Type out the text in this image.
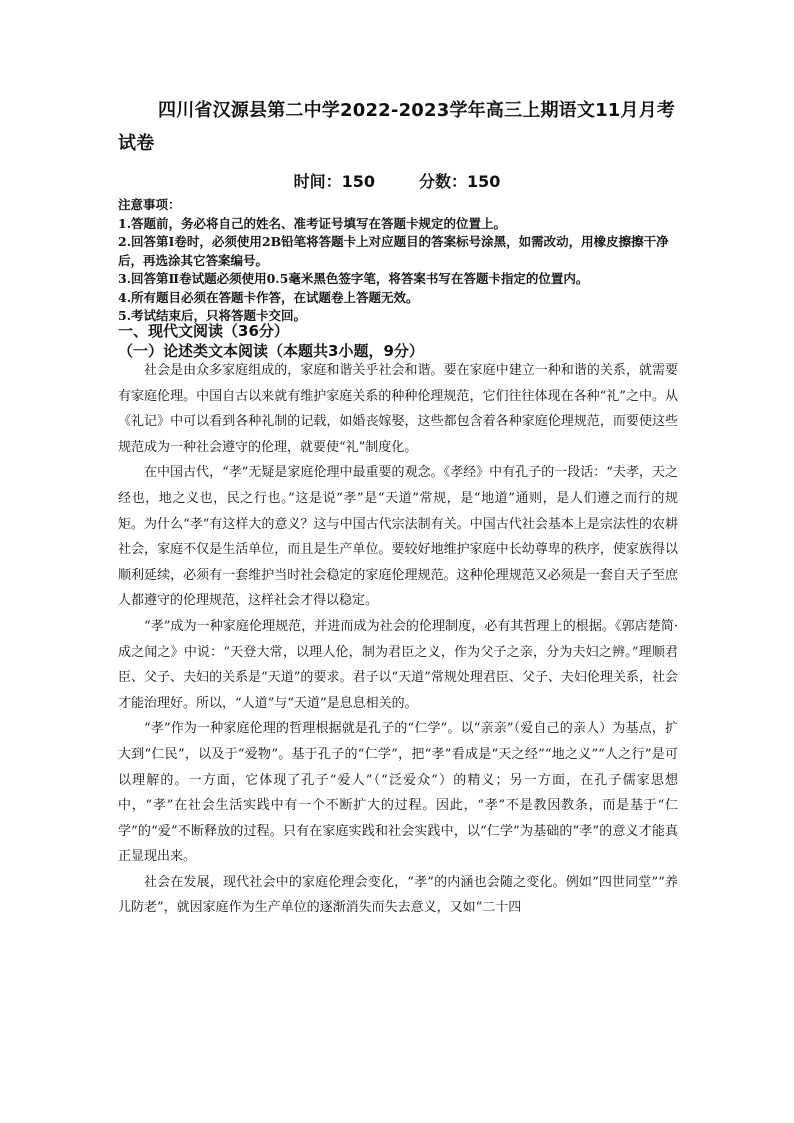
四川省汉源县第二中学2022-2023学年高三上期语文11月月考试卷
时间：150	分数：150
注意事项：
1.答题前，务必将自己的姓名、准考证号填写在答题卡规定的位置上。
2.回答第Ⅰ卷时，必须使用2B铅笔将答题卡上对应题目的答案标号涂黑，如需改动，用橡皮擦擦干净后，再选涂其它答案编号。
3.回答第Ⅱ卷试题必须使用0.5毫米黑色签字笔，将答案书写在答题卡指定的位置内。
4.所有题目必须在答题卡作答，在试题卷上答题无效。
5.考试结束后，只将答题卡交回。
一、现代文阅读（36分）
（一）论述类文本阅读（本题共3小题，9分）

社会是由众多家庭组成的，家庭和谐关乎社会和谐。要在家庭中建立一种和谐的关系，就需要有家庭伦理。中国自古以来就有维护家庭关系的种种伦理规范，它们往往体现在各种“礼”之中。从《礼记》中可以看到各种礼制的记载，如婚丧嫁娶，这些都包含着各种家庭伦理规范，而要使这些规范成为一种社会遵守的伦理，就要使“礼”制度化。

在中国古代，“孝”无疑是家庭伦理中最重要的观念。《孝经》中有孔子的一段话：“夫孝，天之经也，地之义也，民之行也。”这是说“孝”是“天道”常规，是“地道”通则，是人们遵之而行的规矩。为什么“孝”有这样大的意义？这与中国古代宗法制有关。中国古代社会基本上是宗法性的农耕社会，家庭不仅是生活单位，而且是生产单位。要较好地维护家庭中长幼尊卑的秩序，使家族得以顺利延续，必须有一套维护当时社会稳定的家庭伦理规范。这种伦理规范又必须是一套自天子至庶人都遵守的伦理规范，这样社会才得以稳定。

“孝”成为一种家庭伦理规范，并进而成为社会的伦理制度，必有其哲理上的根据。《郭店楚简·成之闻之》中说：“天登大常，以理人伦，制为君臣之义，作为父子之亲，分为夫妇之辨。”理顺君臣、父子、夫妇的关系是“天道”的要求。君子以“天道”常规处理君臣、父子、夫妇伦理关系，社会才能治理好。所以，“人道”与“天道”是息息相关的。

“孝”作为一种家庭伦理的哲理根据就是孔子的“仁学”。以“亲亲”（爱自己的亲人）为基点，扩大到“仁民”，以及于“爱物”。基于孔子的“仁学”，把“孝”看成是“天之经”“地之义”“人之行”是可以理解的。一方面，它体现了孔子“爱人”（“泛爱众”）的精义；另一方面，在孔子儒家思想中，“孝”在社会生活实践中有一个不断扩大的过程。因此，“孝”不是教因教条，而是基于“仁学”的“爱”不断释放的过程。只有在家庭实践和社会实践中，以“仁学”为基础的“孝”的意义才能真正显现出来。

社会在发展，现代社会中的家庭伦理会变化，“孝”的内涵也会随之变化。例如“四世同堂”“养儿防老”，就因家庭作为生产单位的逐渐消失而失去意义，又如“二十四
